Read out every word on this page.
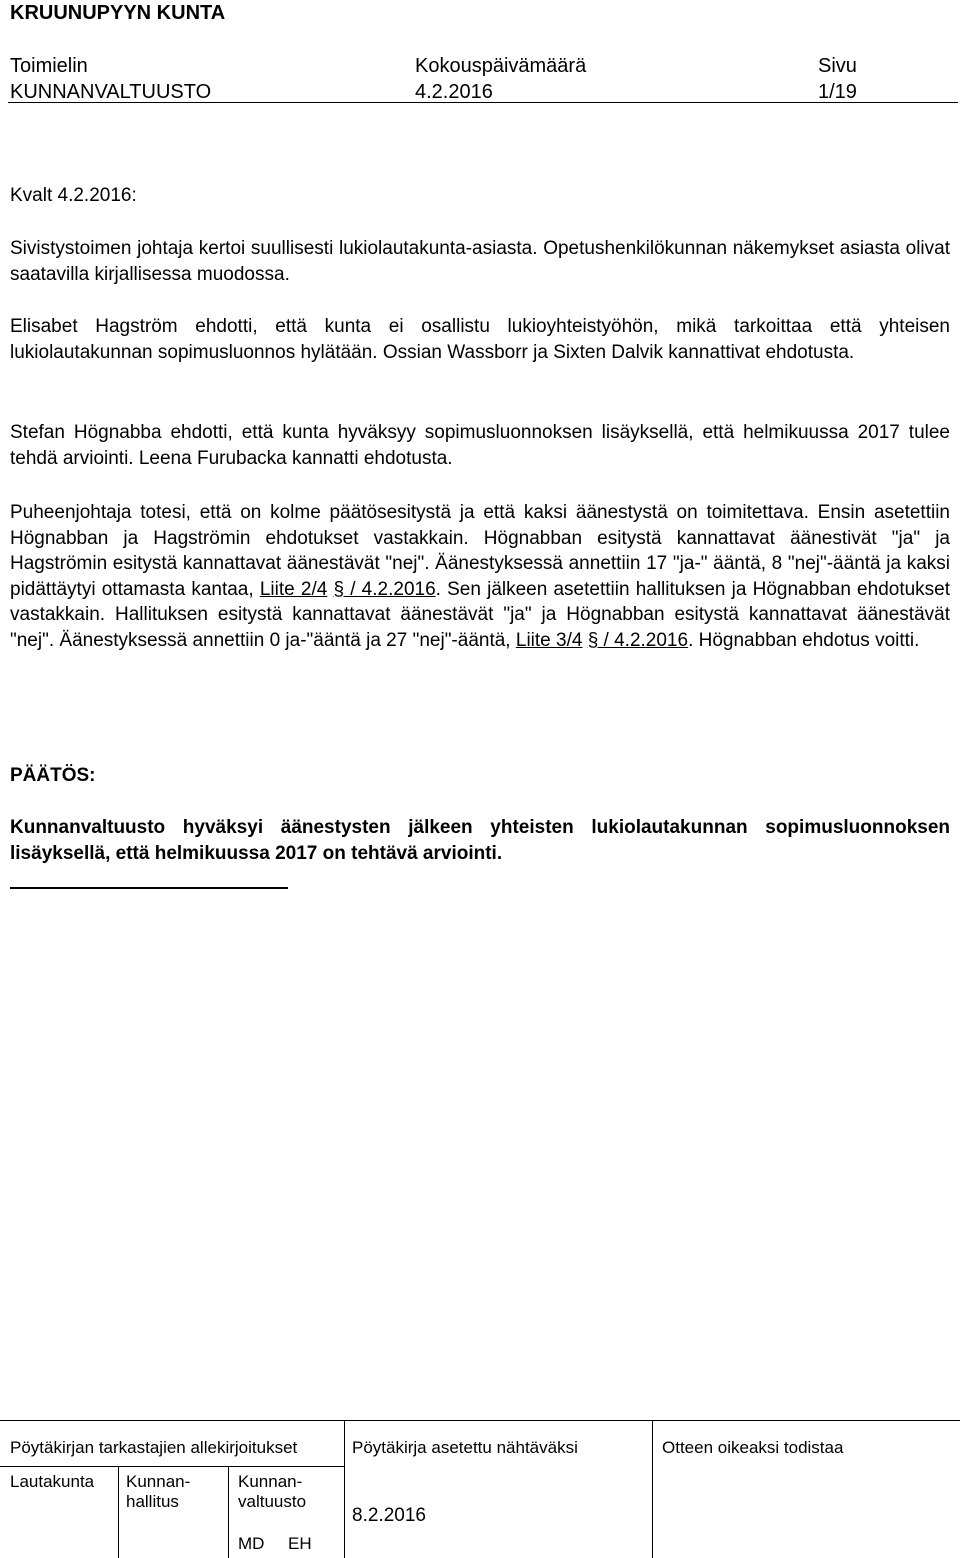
KRUUNUPYYN KUNTA
Toimielin
KUNNANVALTUUSTO
Kokouspäivämäärä
4.2.2016
Sivu
1/19
Kvalt 4.2.2016:
Sivistystoimen johtaja kertoi suullisesti lukiolautakunta-asiasta. Opetushenkilökunnan näkemykset asiasta olivat saatavilla kirjallisessa muodossa.
Elisabet Hagström ehdotti, että kunta ei osallistu lukioyhteistyöhön, mikä tarkoittaa että yhteisen lukiolautakunnan sopimusluonnos hylätään. Ossian Wassborr ja Sixten Dalvik kannattivat ehdotusta.
Stefan Högnabba ehdotti, että kunta hyväksyy sopimusluonnoksen lisäyksellä, että helmikuussa 2017 tulee tehdä arviointi. Leena Furubacka kannatti ehdotusta.
Puheenjohtaja totesi, että on kolme päätösesitystä ja että kaksi äänestystä on toimitettava. Ensin asetettiin Högnabban ja Hagströmin ehdotukset vastakkain. Högnabban esitystä kannattavat äänestivät "ja" ja Hagströmin esitystä kannattavat äänestävät "nej". Äänestyksessä annettiin 17 "ja-" ääntä, 8 "nej"-ääntä ja kaksi pidättäytyi ottamasta kantaa, Liite 2/4 § / 4.2.2016. Sen jälkeen asetettiin hallituksen ja Högnabban ehdotukset vastakkain. Hallituksen esitystä kannattavat äänestävät "ja" ja Högnabban esitystä kannattavat äänestävät "nej". Äänestyksessä annettiin 0 ja-"ääntä ja 27 "nej"-ääntä, Liite 3/4 § / 4.2.2016. Högnabban ehdotus voitti.
PÄÄTÖS:
Kunnanvaltuusto hyväksyi äänestysten jälkeen yhteisten lukiolautakunnan sopimusluonnoksen lisäyksellä, että helmikuussa 2017 on tehtävä arviointi.
Pöytäkirjan tarkastajien allekirjoitukset	Pöytäkirja asetettu nähtäväksi	Otteen oikeaksi todistaa
Lautakunta Kunnan-
hallitus
Kunnan-
valtuusto
MD EH
8.2.2016
